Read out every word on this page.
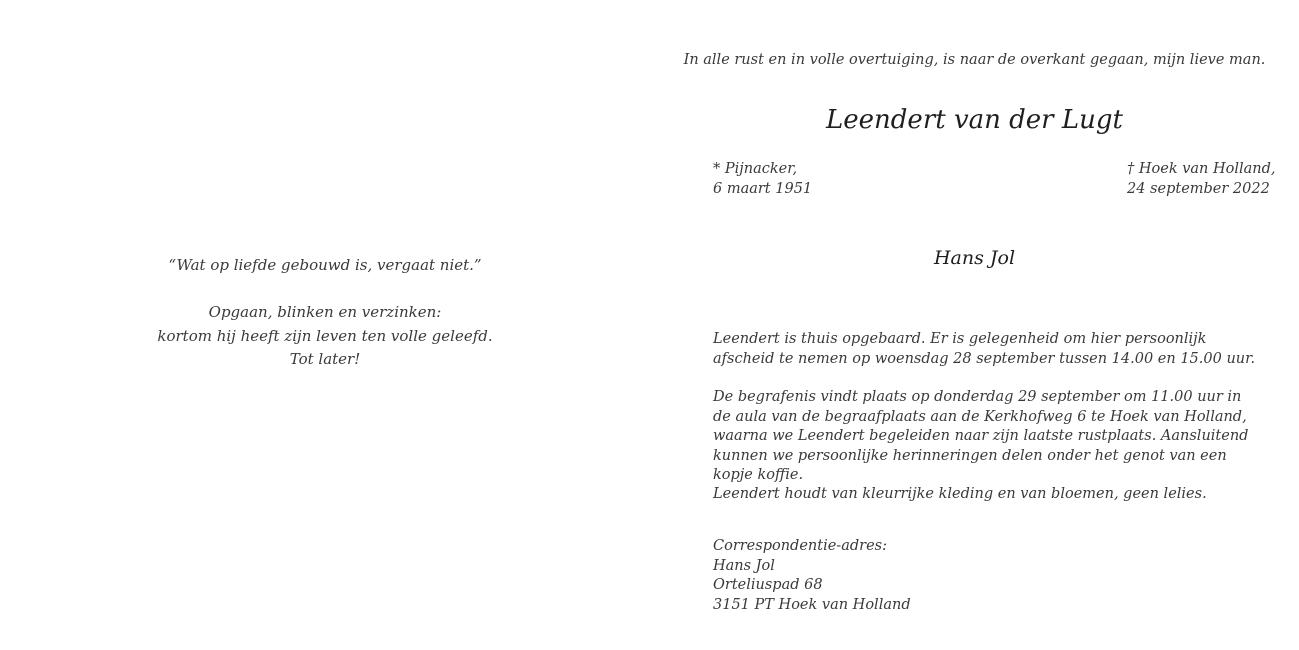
“Wat op liefde gebouwd is, vergaat niet.”
Opgaan, blinken en verzinken:
kortom hij heeft zijn leven ten volle geleefd.
Tot later!
In alle rust en in volle overtuiging, is naar de overkant gegaan, mijn lieve man.
Leendert van der Lugt
* Pijnacker,
6 maart 1951
† Hoek van Holland,
24 september 2022
Hans Jol
Leendert is thuis opgebaard. Er is gelegenheid om hier persoonlijk afscheid te nemen op woensdag 28 september tussen 14.00 en 15.00 uur.
De begrafenis vindt plaats op donderdag 29 september om 11.00 uur in de aula van de begraafplaats aan de Kerkhofweg 6 te Hoek van Holland, waarna we Leendert begeleiden naar zijn laatste rustplaats. Aansluitend kunnen we persoonlijke herinneringen delen onder het genot van een kopje koffie.
Leendert houdt van kleurrijke kleding en van bloemen, geen lelies.
Correspondentie-adres:
Hans Jol
Orteliuspad 68
3151 PT Hoek van Holland
